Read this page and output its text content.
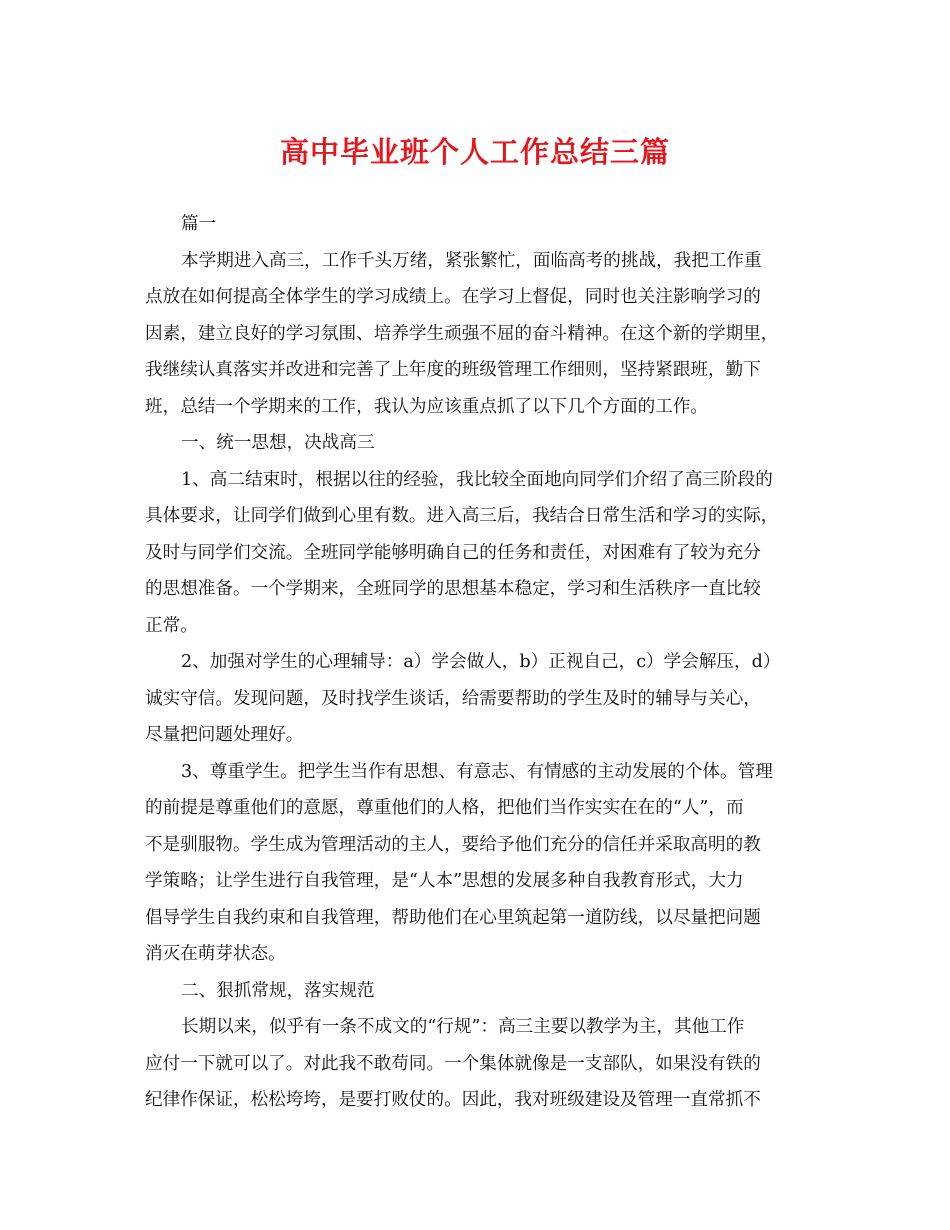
高中毕业班个人工作总结三篇
篇一
本学期进入高三，工作千头万绪，紧张繁忙，面临高考的挑战，我把工作重
点放在如何提高全体学生的学习成绩上。在学习上督促，同时也关注影响学习的
因素，建立良好的学习氛围、培养学生顽强不屈的奋斗精神。在这个新的学期里，
我继续认真落实并改进和完善了上年度的班级管理工作细则，坚持紧跟班，勤下
班，总结一个学期来的工作，我认为应该重点抓了以下几个方面的工作。
一、统一思想，决战高三
1、高二结束时，根据以往的经验，我比较全面地向同学们介绍了高三阶段的
具体要求，让同学们做到心里有数。进入高三后，我结合日常生活和学习的实际，
及时与同学们交流。全班同学能够明确自己的任务和责任，对困难有了较为充分
的思想准备。一个学期来，全班同学的思想基本稳定，学习和生活秩序一直比较
正常。
2、加强对学生的心理辅导：a）学会做人，b）正视自己，c）学会解压，d）
诚实守信。发现问题，及时找学生谈话，给需要帮助的学生及时的辅导与关心，
尽量把问题处理好。
3、尊重学生。把学生当作有思想、有意志、有情感的主动发展的个体。管理
的前提是尊重他们的意愿，尊重他们的人格，把他们当作实实在在的“人”，而
不是驯服物。学生成为管理活动的主人，要给予他们充分的信任并采取高明的教
学策略；让学生进行自我管理，是“人本”思想的发展多种自我教育形式，大力
倡导学生自我约束和自我管理，帮助他们在心里筑起第一道防线，以尽量把问题
消灭在萌芽状态。
二、狠抓常规，落实规范
长期以来，似乎有一条不成文的“行规”：高三主要以教学为主，其他工作
应付一下就可以了。对此我不敢苟同。一个集体就像是一支部队，如果没有铁的
纪律作保证，松松垮垮，是要打败仗的。因此，我对班级建设及管理一直常抓不
